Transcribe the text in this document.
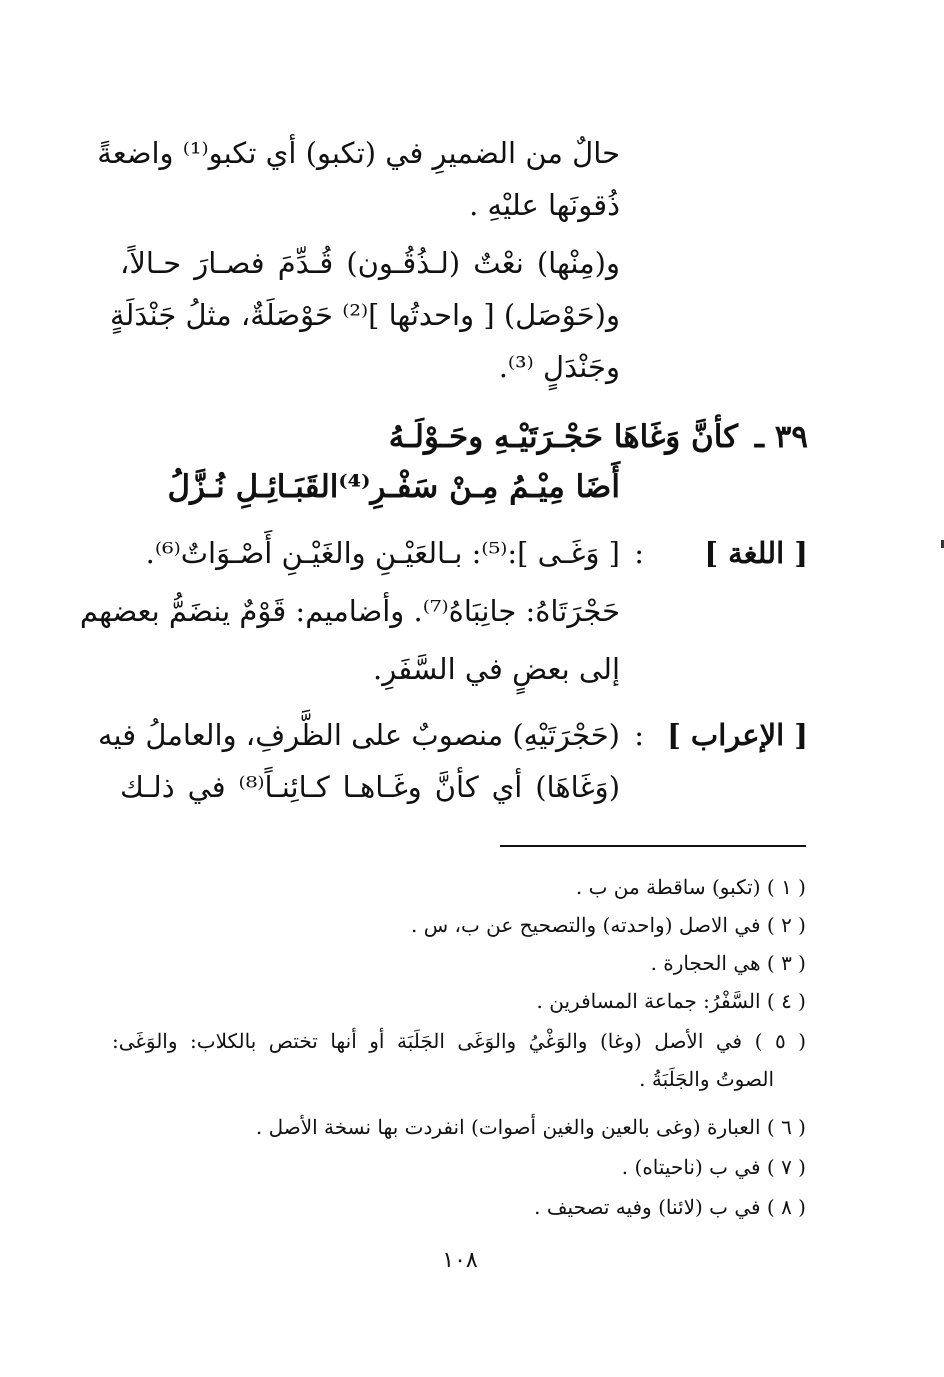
حالٌ من الضميرِ في (تكبو) أي تكبو⁽¹⁾ واضعةً
ذُقونَها عليْهِ .
و(مِنْها) نعْتٌ (لـذُقُـون) قُـدِّمَ فصـارَ حـالاً،
و(حَوْصَل) [ واحدتُها ]⁽²⁾ حَوْصَلَةٌ، مثلُ جَنْدَلَةٍ
وجَنْدَلٍ ⁽³⁾.
٣٩ ـ
كأنَّ وَغَاهَا حَجْـرَتَيْـهِ وحَـوْلَـهُ
أَضَا مِيْـمُ مِـنْ سَفْـرِ⁽⁴⁾القَبَـائِـلِ نُـزَّلُ
[ اللغة ]
:
[ وَغَـى ]:⁽⁵⁾: بـالعَيْـنِ والغَيْـنِ أَصْـوَاتٌ⁽⁶⁾.
حَجْرَتَاهُ: جانِبَاهُ⁽⁷⁾. وأضاميم: قَوْمٌ ينضَمُّ بعضهم
إلى بعضٍ في السَّفَرِ.
[ الإعراب ]
:
(حَجْرَتَيْهِ) منصوبٌ على الظَّرفِ، والعاملُ فيه
(وَغَاهَا) أي كأنَّ وغَـاهـا كـائِنـاً⁽⁸⁾ في ذلـك
( ١ ) (تكبو) ساقطة من ب .
( ٢ ) في الاصل (واحدته) والتصحيح عن ب، س .
( ٣ ) هي الحجارة .
( ٤ ) السَّفْرُ: جماعة المسافرين .
( ٥ ) في الأصل (وغا) والوَغْيُ والوَغَى الجَلَبَة أو أنها تختص بالكلاب: والوَغَى:
الصوتُ والجَلَبَةُ .
( ٦ ) العبارة (وغى بالعين والغين أصوات) انفردت بها نسخة الأصل .
( ٧ ) في ب (ناحيتاه) .
( ٨ ) في ب (لائنا) وفيه تصحيف .
١٠٨
